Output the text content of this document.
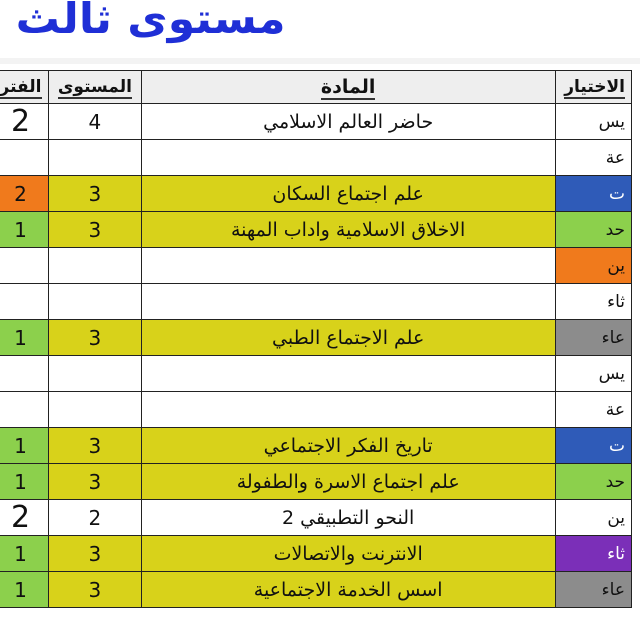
مستوى ثالث
الفتر	المستوى	المادة	الاختيار
2	4	حاضر العالم الاسلامي	يس
			عة
2	3	علم اجتماع السكان	ت
1	3	الاخلاق الاسلامية واداب المهنة	حد
			ين
			ثاء
1	3	علم الاجتماع الطبي	عاء
			يس
			عة
1	3	تاريخ الفكر الاجتماعي	ت
1	3	علم اجتماع الاسرة والطفولة	حد
2	2	النحو التطبيقي 2	ين
1	3	الانترنت والاتصالات	ثاء
1	3	اسس الخدمة الاجتماعية	عاء
